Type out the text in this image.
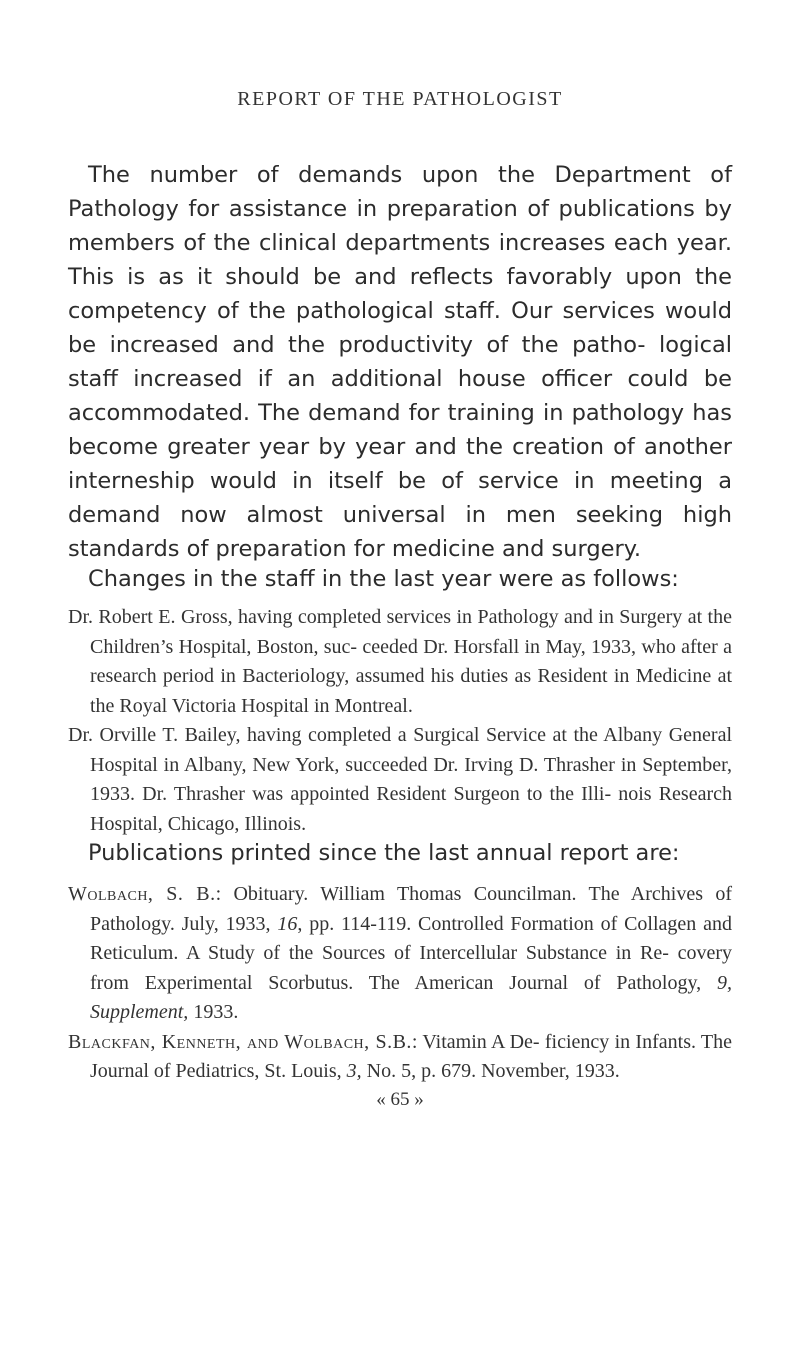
REPORT OF THE PATHOLOGIST

The number of demands upon the Department of Pathology for assistance in preparation of publications by members of the clinical departments increases each year. This is as it should be and reflects favorably upon the competency of the pathological staff. Our services would be increased and the productivity of the patho- logical staff increased if an additional house officer could be accommodated. The demand for training in pathology has become greater year by year and the creation of another interneship would in itself be of service in meeting a demand now almost universal in men seeking high standards of preparation for medicine and surgery.

Changes in the staff in the last year were as follows:

Dr. Robert E. Gross, having completed services in Pathology and in Surgery at the Children’s Hospital, Boston, suc- ceeded Dr. Horsfall in May, 1933, who after a research period in Bacteriology, assumed his duties as Resident in Medicine at the Royal Victoria Hospital in Montreal.

Dr. Orville T. Bailey, having completed a Surgical Service at the Albany General Hospital in Albany, New York, succeeded Dr. Irving D. Thrasher in September, 1933. Dr. Thrasher was appointed Resident Surgeon to the Illi- nois Research Hospital, Chicago, Illinois.

Publications printed since the last annual report are:

Wolbach, S. B.: Obituary. William Thomas Councilman. The Archives of Pathology. July, 1933, 16, pp. 114-119. Controlled Formation of Collagen and Reticulum. A Study of the Sources of Intercellular Substance in Re- covery from Experimental Scorbutus. The American Journal of Pathology, 9, Supplement, 1933.

Blackfan, Kenneth, and Wolbach, S.B.: Vitamin A De- ficiency in Infants. The Journal of Pediatrics, St. Louis, 3, No. 5, p. 679. November, 1933.

« 65 »
